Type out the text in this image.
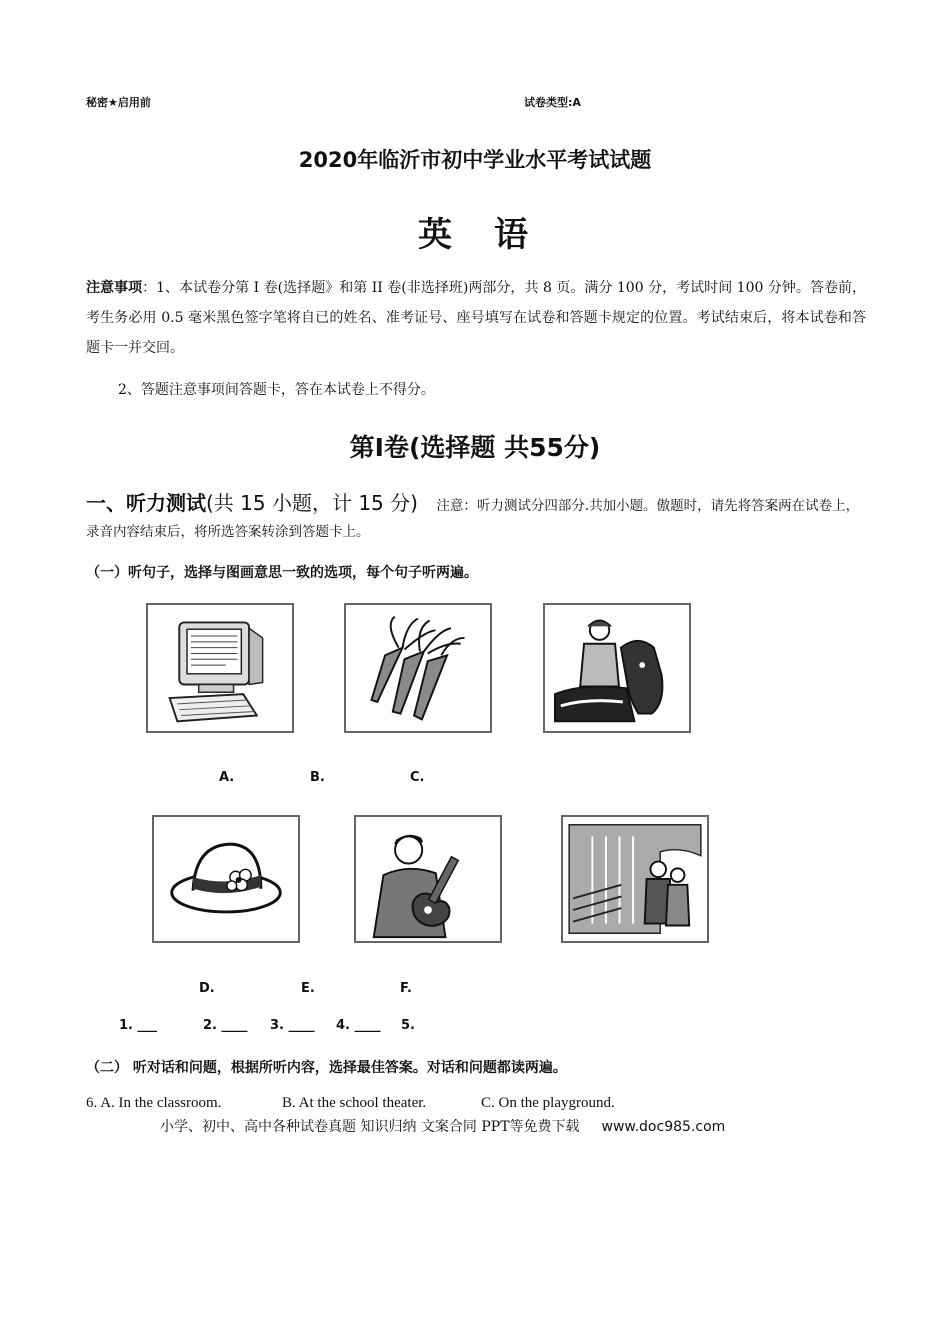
秘密★启用前	试卷类型:A
2020年临沂市初中学业水平考试试题
英　语
注意事项：1、本试卷分第 I 卷(选择题》和第 II 卷(非选择班)两部分，共 8 页。满分 100 分，考试时间 100 分钟。答卷前，考生务必用 0.5 毫米黑色签字笔将自已的姓名、准考证号、座号填写在试卷和答题卡规定的位置。考试结束后，将本试卷和答题卡一并交回。
2、答题注意事项间答题卡，答在本试卷上不得分。
第I卷(选择题 共55分)
一、听力测试(共 15 小题，计 15 分) 注意：听力测试分四部分.共加小题。傲题时，请先将答案两在试卷上，录音内容结束后，将所选答案转涂到答题卡上。
（一）听句子，选择与图画意思一致的选项，每个句子听两遍。
A.	B.	C.
D.	E.	F.
1. ___	2. ____ 3. ____ 4. ____ 5.
（二） 听对话和问题，根据所听内容，选择最佳答案。对话和问题都读两遍。
6. A. In the classroom.	B. At the school theater.	C. On the playground.
小学、初中、高中各种试卷真题 知识归纳 文案合同 PPT等免费下载 www.doc985.com
